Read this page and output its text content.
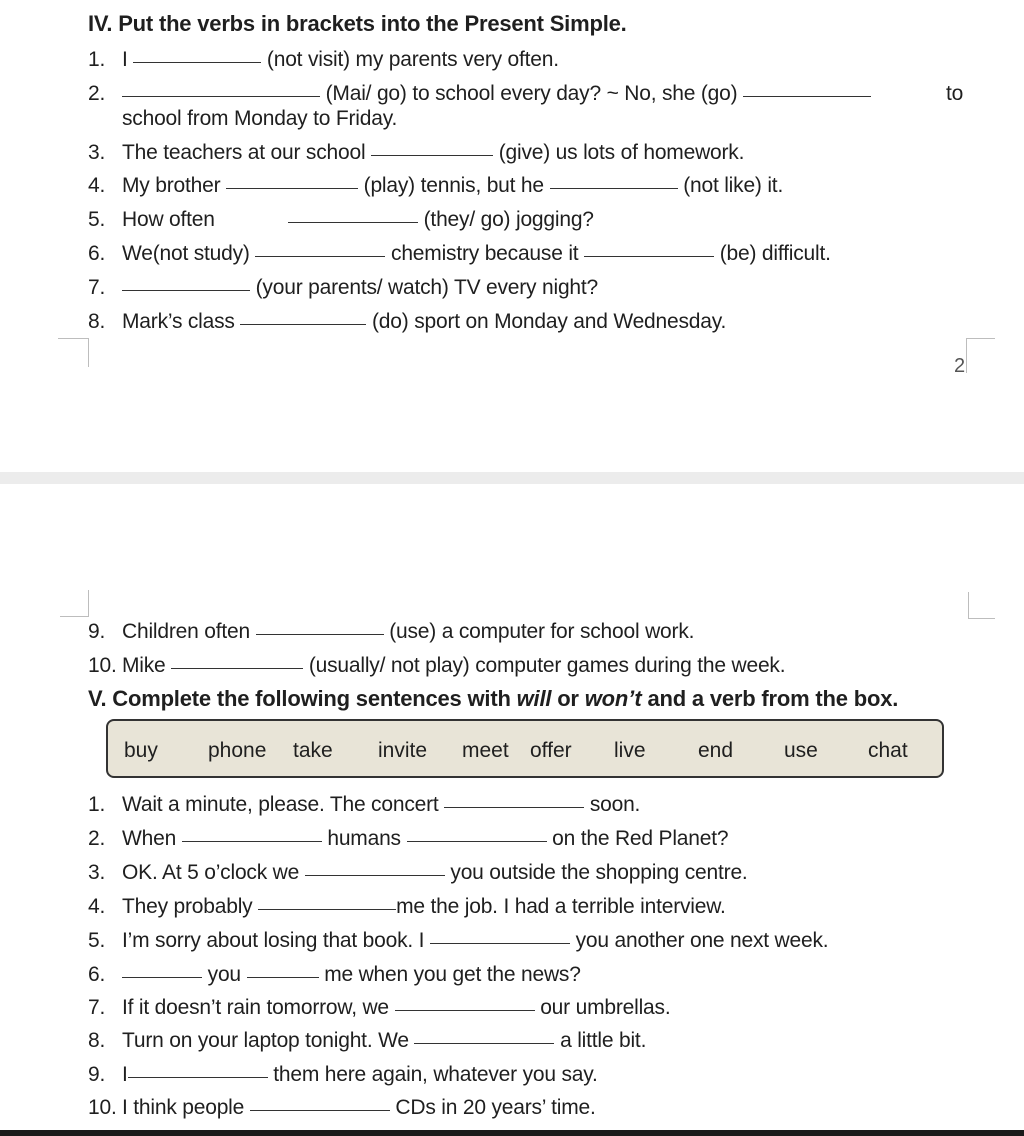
IV. Put the verbs in brackets into the Present Simple.
1. I	(not visit) my parents very often.
2.	(Mai/ go) to school every day? ~ No, she (go)	to
school from Monday to Friday.
3. The teachers at our school	(give) us lots of homework.
4. My brother	(play) tennis, but he	(not like) it.
5. How often	(they/ go) jogging?
6. We(not study)	chemistry because it	(be) difficult.
7.	(your parents/ watch) TV every night?
8. Mark’s class	(do) sport on Monday and Wednesday.
2
9. Children often	(use) a computer for school work.
10. Mike	(usually/ not play) computer games during the week.
V. Complete the following sentences with will or won’t and a verb from the box.
buy phone take invite meet offer live end use chat
1. Wait a minute, please. The concert	soon.
2. When	humans	on the Red Planet?
3. OK. At 5 o’clock we	you outside the shopping centre.
4. They probably	me the job. I had a terrible interview.
5. I’m sorry about losing that book. I	you another one next week.
6.	you	me when you get the news?
7. If it doesn’t rain tomorrow, we	our umbrellas.
8. Turn on your laptop tonight. We	a little bit.
9. I	them here again, whatever you say.
10. I think people	CDs in 20 years’ time.
